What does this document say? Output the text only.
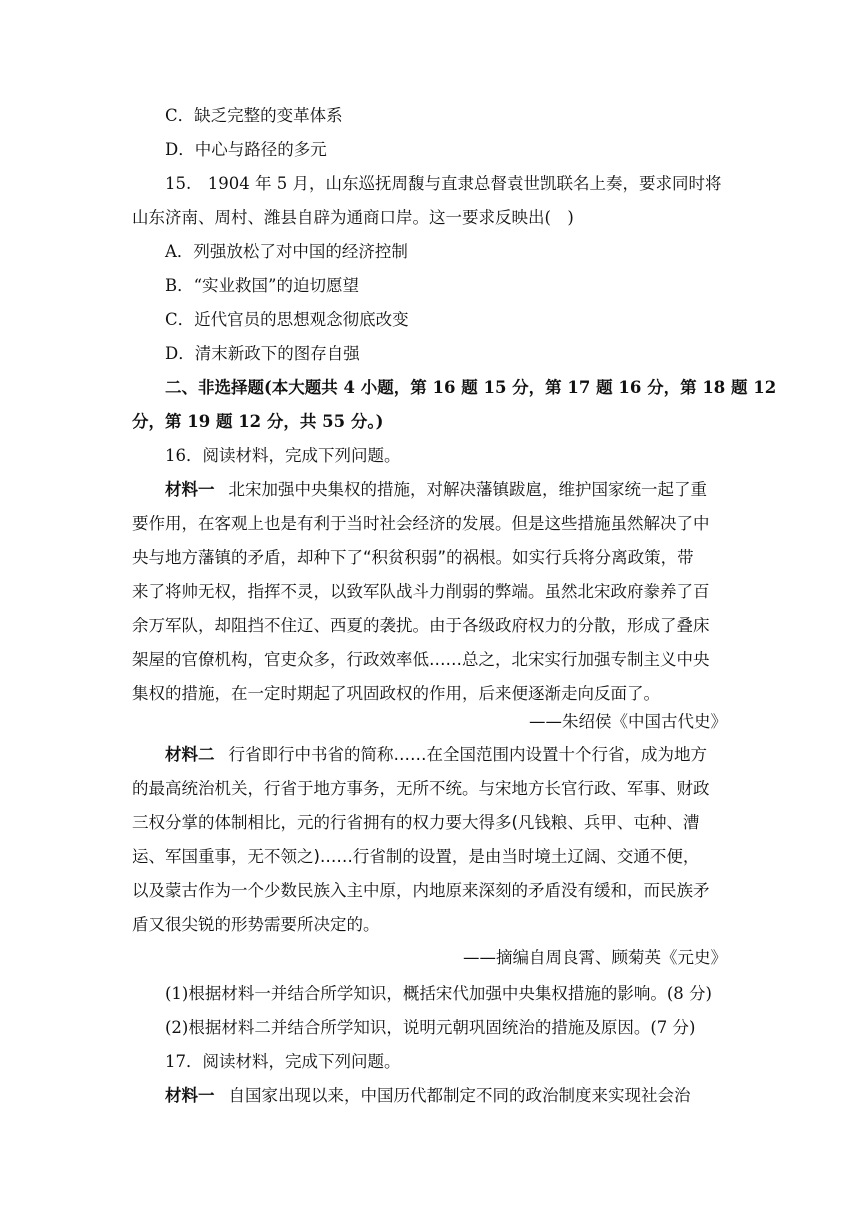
C．缺乏完整的变革体系
D．中心与路径的多元
15.　1904 年 5 月，山东巡抚周馥与直隶总督袁世凯联名上奏，要求同时将
山东济南、周村、潍县自辟为通商口岸。这一要求反映出(　)
A．列强放松了对中国的经济控制
B．“实业救国”的迫切愿望
C．近代官员的思想观念彻底改变
D．清末新政下的图存自强
二、非选择题(本大题共 4 小题，第 16 题 15 分，第 17 题 16 分，第 18 题 12
分，第 19 题 12 分，共 55 分。)
16．阅读材料，完成下列问题。
材料一 北宋加强中央集权的措施，对解决藩镇跋扈，维护国家统一起了重
要作用，在客观上也是有利于当时社会经济的发展。但是这些措施虽然解决了中
央与地方藩镇的矛盾，却种下了“积贫积弱”的祸根。如实行兵将分离政策，带
来了将帅无权，指挥不灵，以致军队战斗力削弱的弊端。虽然北宋政府豢养了百
余万军队，却阻挡不住辽、西夏的袭扰。由于各级政府权力的分散，形成了叠床
架屋的官僚机构，官吏众多，行政效率低……总之，北宋实行加强专制主义中央
集权的措施，在一定时期起了巩固政权的作用，后来便逐渐走向反面了。
——朱绍侯《中国古代史》
材料二 行省即行中书省的简称……在全国范围内设置十个行省，成为地方
的最高统治机关，行省于地方事务，无所不统。与宋地方长官行政、军事、财政
三权分掌的体制相比，元的行省拥有的权力要大得多(凡钱粮、兵甲、屯种、漕
运、军国重事，无不领之)……行省制的设置，是由当时境土辽阔、交通不便，
以及蒙古作为一个少数民族入主中原，内地原来深刻的矛盾没有缓和，而民族矛
盾又很尖锐的形势需要所决定的。
——摘编自周良霄、顾菊英《元史》
(1)根据材料一并结合所学知识，概括宋代加强中央集权措施的影响。(8 分)
(2)根据材料二并结合所学知识，说明元朝巩固统治的措施及原因。(7 分)
17．阅读材料，完成下列问题。
材料一 自国家出现以来，中国历代都制定不同的政治制度来实现社会治
